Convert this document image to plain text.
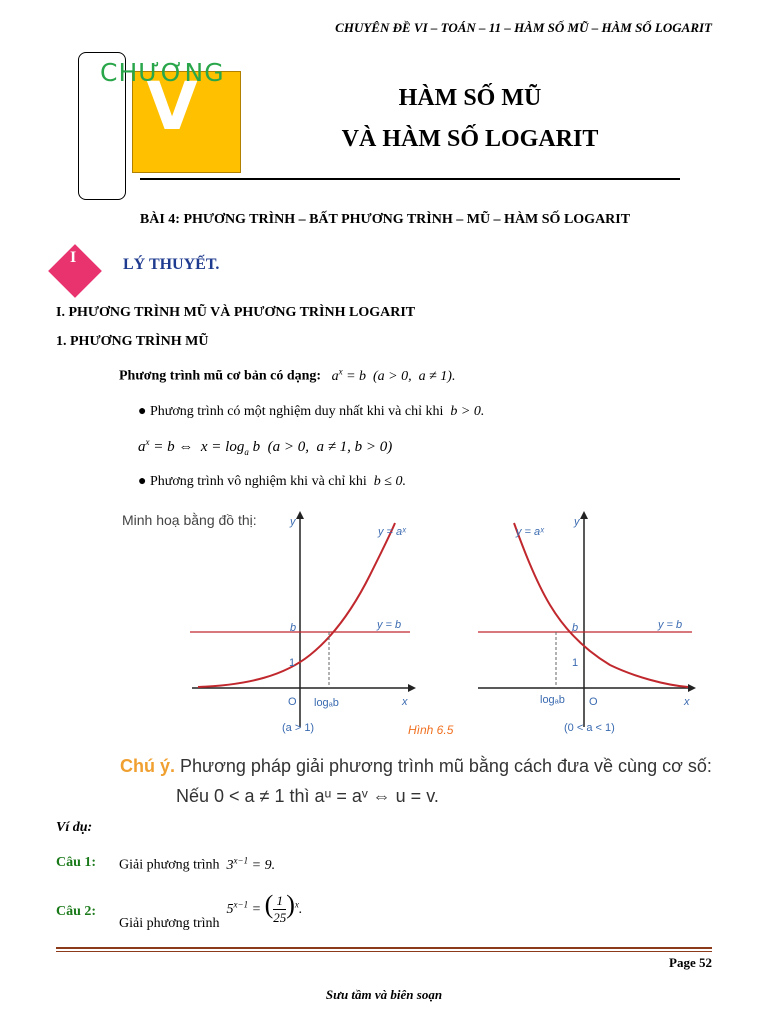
CHUYÊN ĐỀ VI – TOÁN – 11 – HÀM SỐ MŨ – HÀM SỐ LOGARIT
V
CHƯƠNG
HÀM SỐ MŨ
VÀ HÀM SỐ LOGARIT
BÀI 4: PHƯƠNG TRÌNH – BẤT PHƯƠNG TRÌNH – MŨ – HÀM SỐ LOGARIT
I	LÝ THUYẾT.
I. PHƯƠNG TRÌNH MŨ VÀ PHƯƠNG TRÌNH LOGARIT
1. PHƯƠNG TRÌNH MŨ
Phương trình mũ cơ bản có dạng:   $a^x = b$  (a > 0,  a ≠ 1).
● Phương trình có một nghiệm duy nhất khi và chỉ khi  b > 0.
$a^x = b$ ⇔  $x = \log_a b$  (a > 0,  a ≠ 1, b > 0)
● Phương trình vô nghiệm khi và chỉ khi  b ≤ 0.
Minh hoạ bằng đồ thị:	y
x
y = aˣ
y = b
b
1
O logₐb
(a > 1)	Hình 6.5
y
x
y = aˣ
y = b
b
1
O
logₐb
(0 < a < 1)
Chú ý. Phương pháp giải phương trình mũ bằng cách đưa về cùng cơ số:
Nếu 0 < a ≠ 1 thì aᵘ = aᵛ ⇔ u = v.
Ví dụ:
Câu 1: Giải phương trình  $3^{x-1} = 9$.
Câu 2:
Giải phương trình  $5^{x-1}$ = ( $\frac{1}{25} )^x$.
Page 52
Sưu tầm và biên soạn
